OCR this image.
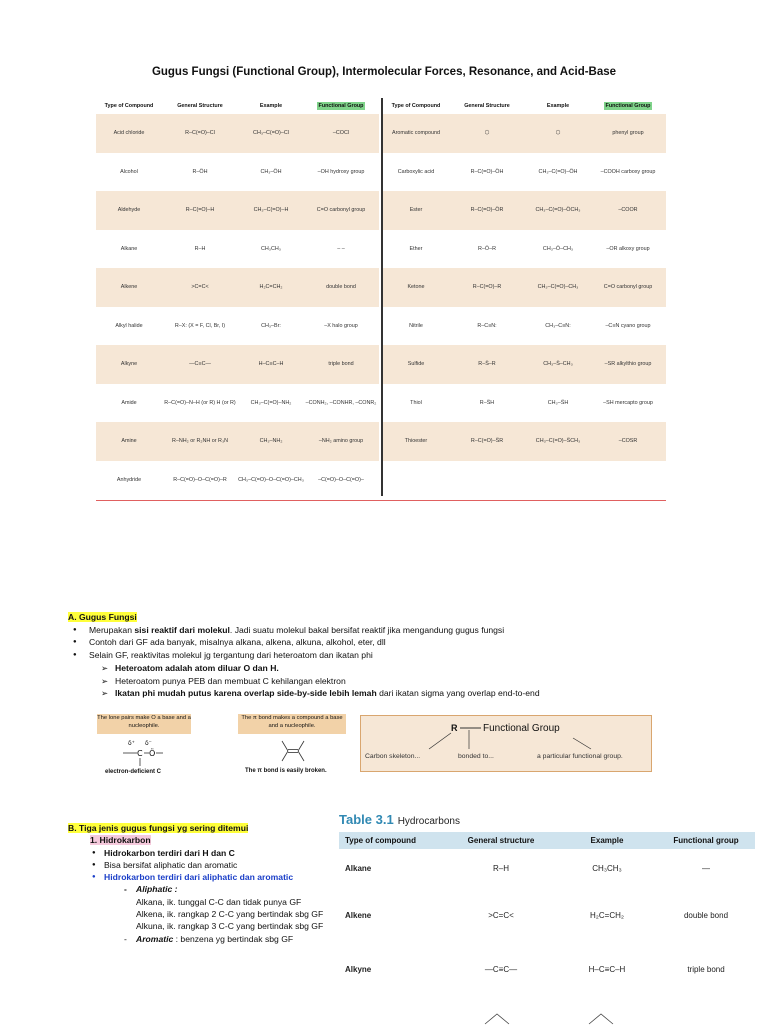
Gugus Fungsi (Functional Group), Intermolecular Forces, Resonance, and Acid-Base
Type of Compound	General Structure	Example	Functional Group
Acid chloride	R–C(=O)–Cl	CH₃–C(=O)–Cl	–COCl
Alcohol	R–ÖH	CH₃–ÖH	–OH hydroxy group
Aldehyde	R–C(=O)–H	CH₃–C(=O)–H	C=O carbonyl group
Alkane	R–H	CH₃CH₃	– –
Alkene	>C=C<	H₂C=CH₂	double bond
Alkyl halide	R–X: (X = F, Cl, Br, I)	CH₃–Br:	–X halo group
Alkyne	—C≡C—	H–C≡C–H	triple bond
Amide	R–C(=O)–N–H (or R) H (or R)	CH₃–C(=O)–NH₂	–CONH₂, –CONHR, –CONR₂
Amine	R–NH₂ or R₂NH or R₃N	CH₃–NH₂	–NH₂ amino group
Anhydride	R–C(=O)–O–C(=O)–R	CH₃–C(=O)–O–C(=O)–CH₃	–C(=O)–O–C(=O)–
Type of Compound	General Structure	Example	Functional Group
Aromatic compound	⬡	⬡	phenyl group
Carboxylic acid	R–C(=O)–ÖH	CH₃–C(=O)–ÖH	–COOH carboxy group
Ester	R–C(=O)–ÖR	CH₃–C(=O)–ÖCH₃	–COOR
Ether	R–Ö–R	CH₃–Ö–CH₃	–OR alkoxy group
Ketone	R–C(=O)–R	CH₃–C(=O)–CH₃	C=O carbonyl group
Nitrile	R–C≡N:	CH₃–C≡N:	–C≡N cyano group
Sulfide	R–S̈–R	CH₃–S̈–CH₃	–SR alkylthio group
Thiol	R–S̈H	CH₃–S̈H	–SH mercapto group
Thioester	R–C(=O)–S̈R	CH₃–C(=O)–S̈CH₃	–COSR
A. Gugus Fungsi
● Merupakan sisi reaktif dari molekul. Jadi suatu molekul bakal bersifat reaktif jika mengandung gugus fungsi
● Contoh dari GF ada banyak, misalnya alkana, alkena, alkuna, alkohol, eter, dll
● Selain GF, reaktivitas molekul jg tergantung dari heteroatom dan ikatan phi
➢ Heteroatom adalah atom diluar O dan H.
➢ Heteroatom punya PEB dan membuat C kehilangan elektron
➢ Ikatan phi mudah putus karena overlap side-by-side lebih lemah dari ikatan sigma yang overlap end-to-end
The lone pairs make O a base and a nucleophile.
δ⁺ δ⁻
C Ö
electron-deficient C
The π bond makes a compound a base and a nucleophile.
The π bond is easily broken.
R	Functional Group
Carbon skeleton...	bonded to...	a particular functional group.
B. Tiga jenis gugus fungsi yg sering ditemui
1. Hidrokarbon
● Hidrokarbon terdiri dari H dan C
● Bisa bersifat aliphatic dan aromatic
● Hidrokarbon terdiri dari aliphatic dan aromatic
- Aliphatic :
Alkana, ik. tunggal C-C dan tidak punya GF
Alkena, ik. rangkap 2 C-C yang bertindak sbg GF
Alkuna, ik. rangkap 3 C-C yang bertindak sbg GF
- Aromatic : benzena yg bertindak sbg GF
Table 3.1 Hydrocarbons
Type of compound	General structure	Example	Functional group
Alkane	R–H	CH₃CH₃	—
Alkene	>C=C<	H₂C=CH₂	double bond
Alkyne	—C≡C—	H–C≡C–H	triple bond
